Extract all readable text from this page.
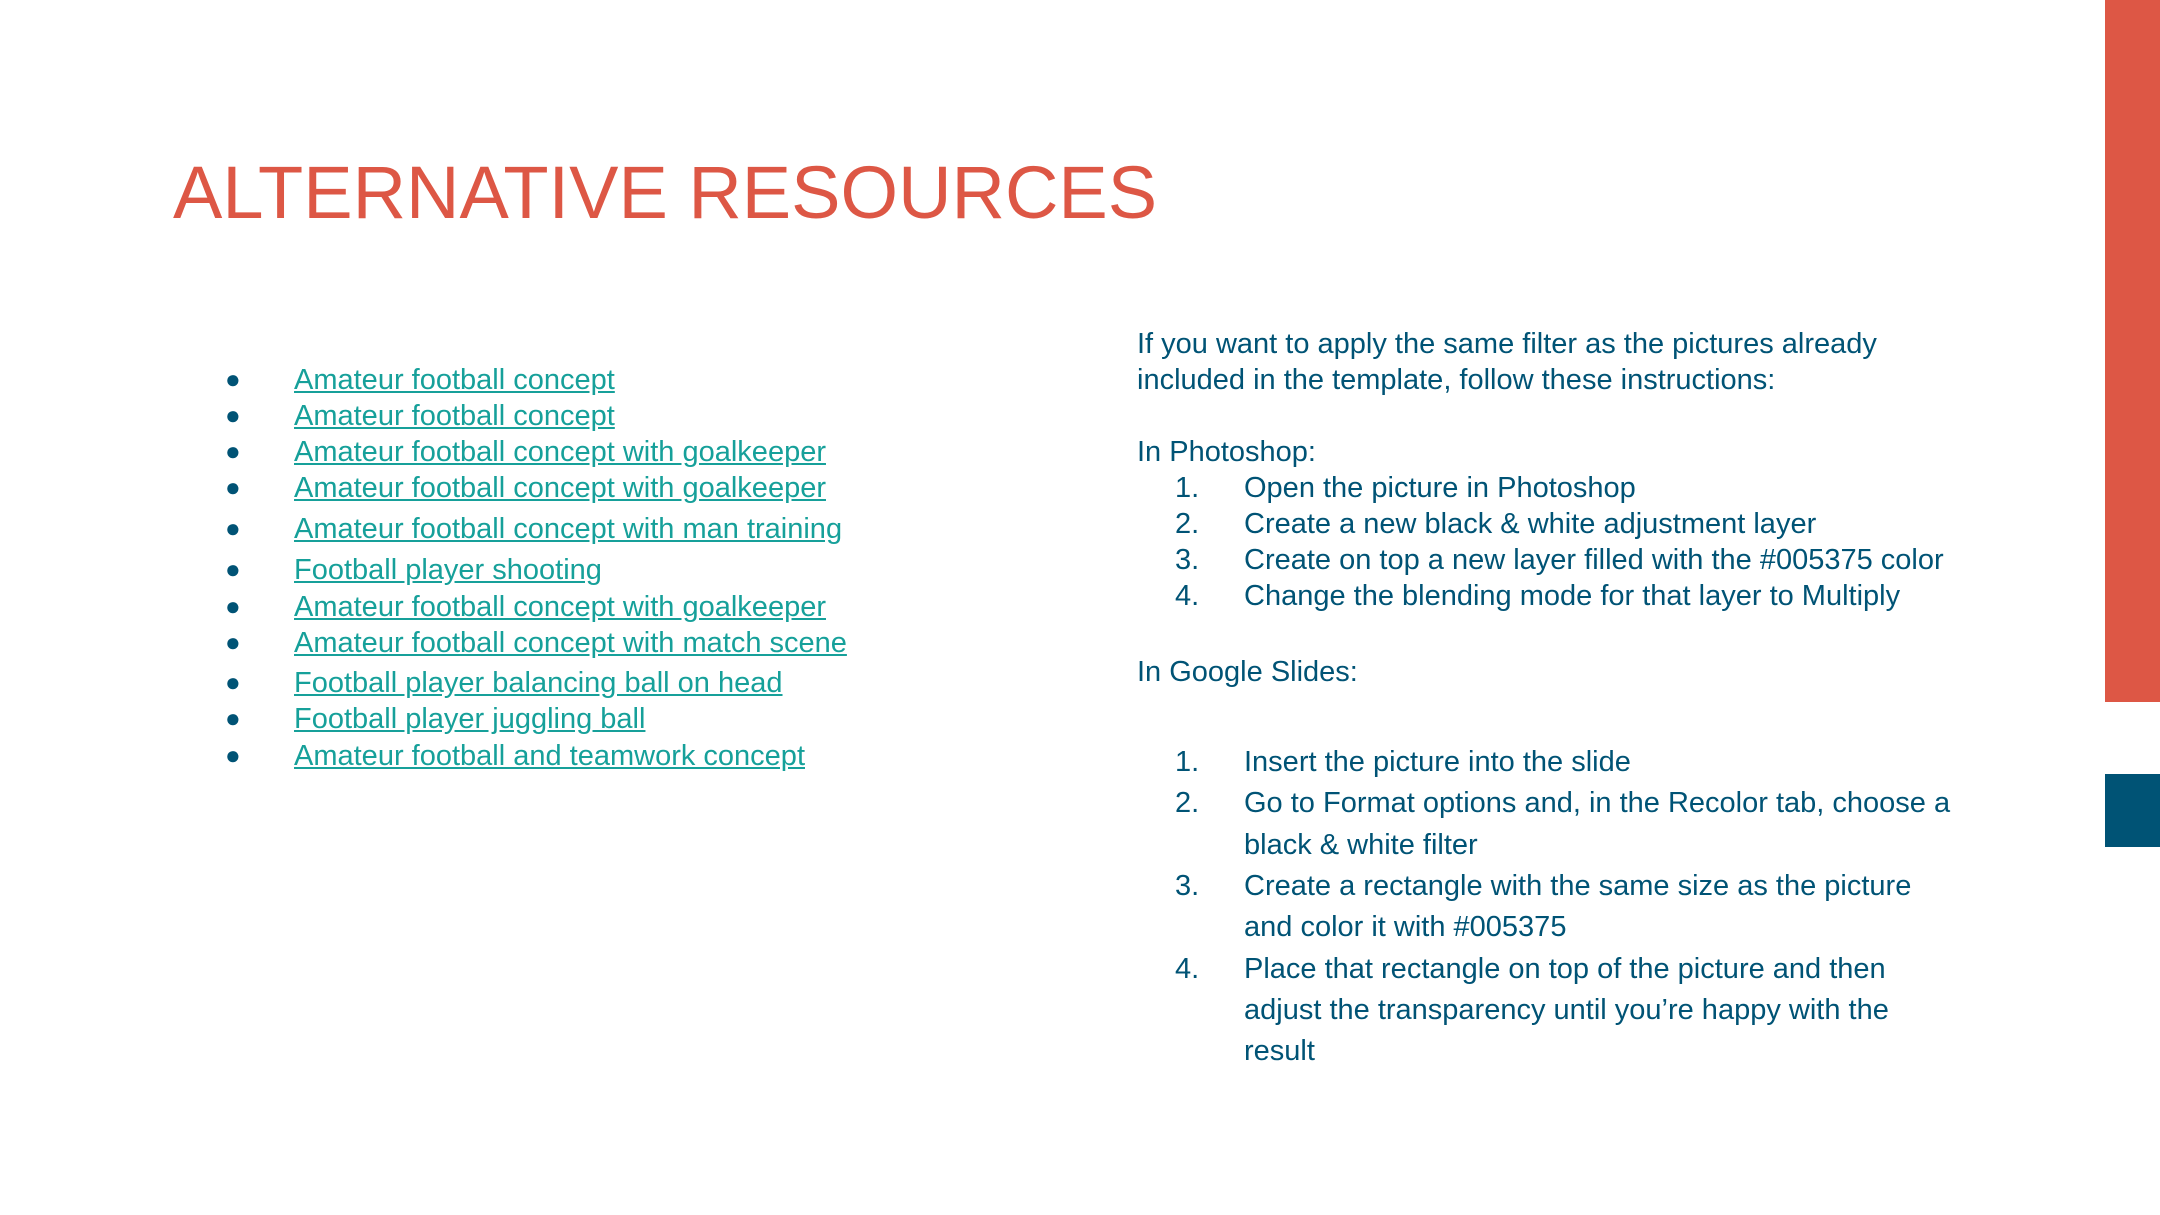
ALTERNATIVE RESOURCES
● Amateur football concept
● Amateur football concept
● Amateur football concept with goalkeeper
● Amateur football concept with goalkeeper
● Amateur football concept with man training
● Football player shooting
● Amateur football concept with goalkeeper
● Amateur football concept with match scene
● Football player balancing ball on head
● Football player juggling ball
● Amateur football and teamwork concept
If you want to apply the same filter as the pictures already
included in the template, follow these instructions:
In Photoshop:
1. Open the picture in Photoshop
2. Create a new black & white adjustment layer
3. Create on top a new layer filled with the #005375 color
4. Change the blending mode for that layer to Multiply
In Google Slides:
1. Insert the picture into the slide
2. Go to Format options and, in the Recolor tab, choose a
black & white filter
3. Create a rectangle with the same size as the picture
and color it with #005375
4. Place that rectangle on top of the picture and then
adjust the transparency until you’re happy with the
result
